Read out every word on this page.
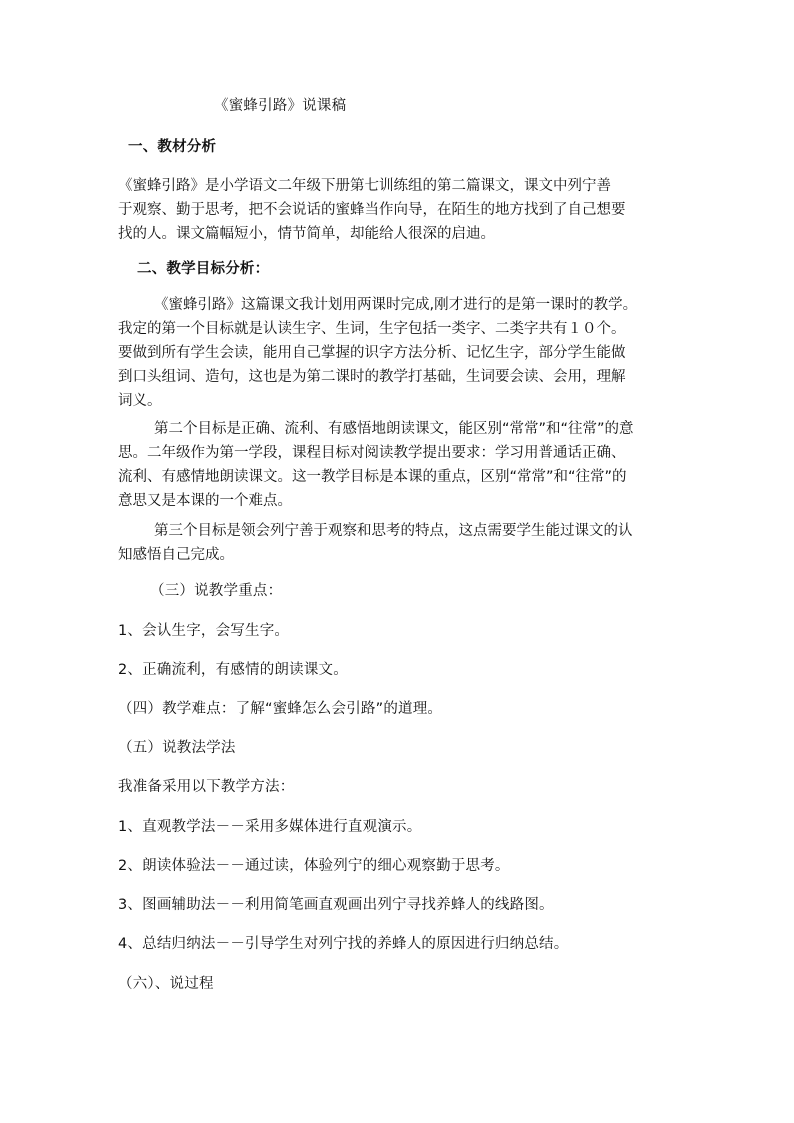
《蜜蜂引路》说课稿
一、教材分析
《蜜蜂引路》是小学语文二年级下册第七训练组的第二篇课文，课文中列宁善
于观察、勤于思考，把不会说话的蜜蜂当作向导，在陌生的地方找到了自己想要
找的人。课文篇幅短小，情节简单，却能给人很深的启迪。
二、教学目标分析：
《蜜蜂引路》这篇课文我计划用两课时完成,刚才进行的是第一课时的教学。
我定的第一个目标就是认读生字、生词，生字包括一类字、二类字共有１０个。
要做到所有学生会读，能用自己掌握的识字方法分析、记忆生字，部分学生能做
到口头组词、造句，这也是为第二课时的教学打基础，生词要会读、会用，理解
词义。
第二个目标是正确、流利、有感悟地朗读课文，能区别“常常”和“往常”的意
思。二年级作为第一学段，课程目标对阅读教学提出要求：学习用普通话正确、
流利、有感情地朗读课文。这一教学目标是本课的重点，区别“常常”和“往常”的
意思又是本课的一个难点。
第三个目标是领会列宁善于观察和思考的特点，这点需要学生能过课文的认
知感悟自己完成。
（三）说教学重点：
1、会认生字，会写生字。
2、正确流利，有感情的朗读课文。
（四）教学难点：了解“蜜蜂怎么会引路”的道理。
（五）说教法学法
我准备采用以下教学方法：
1、直观教学法－－采用多媒体进行直观演示。
2、朗读体验法－－通过读，体验列宁的细心观察勤于思考。
3、图画辅助法－－利用简笔画直观画出列宁寻找养蜂人的线路图。
4、总结归纳法－－引导学生对列宁找的养蜂人的原因进行归纳总结。
（六）、说过程
